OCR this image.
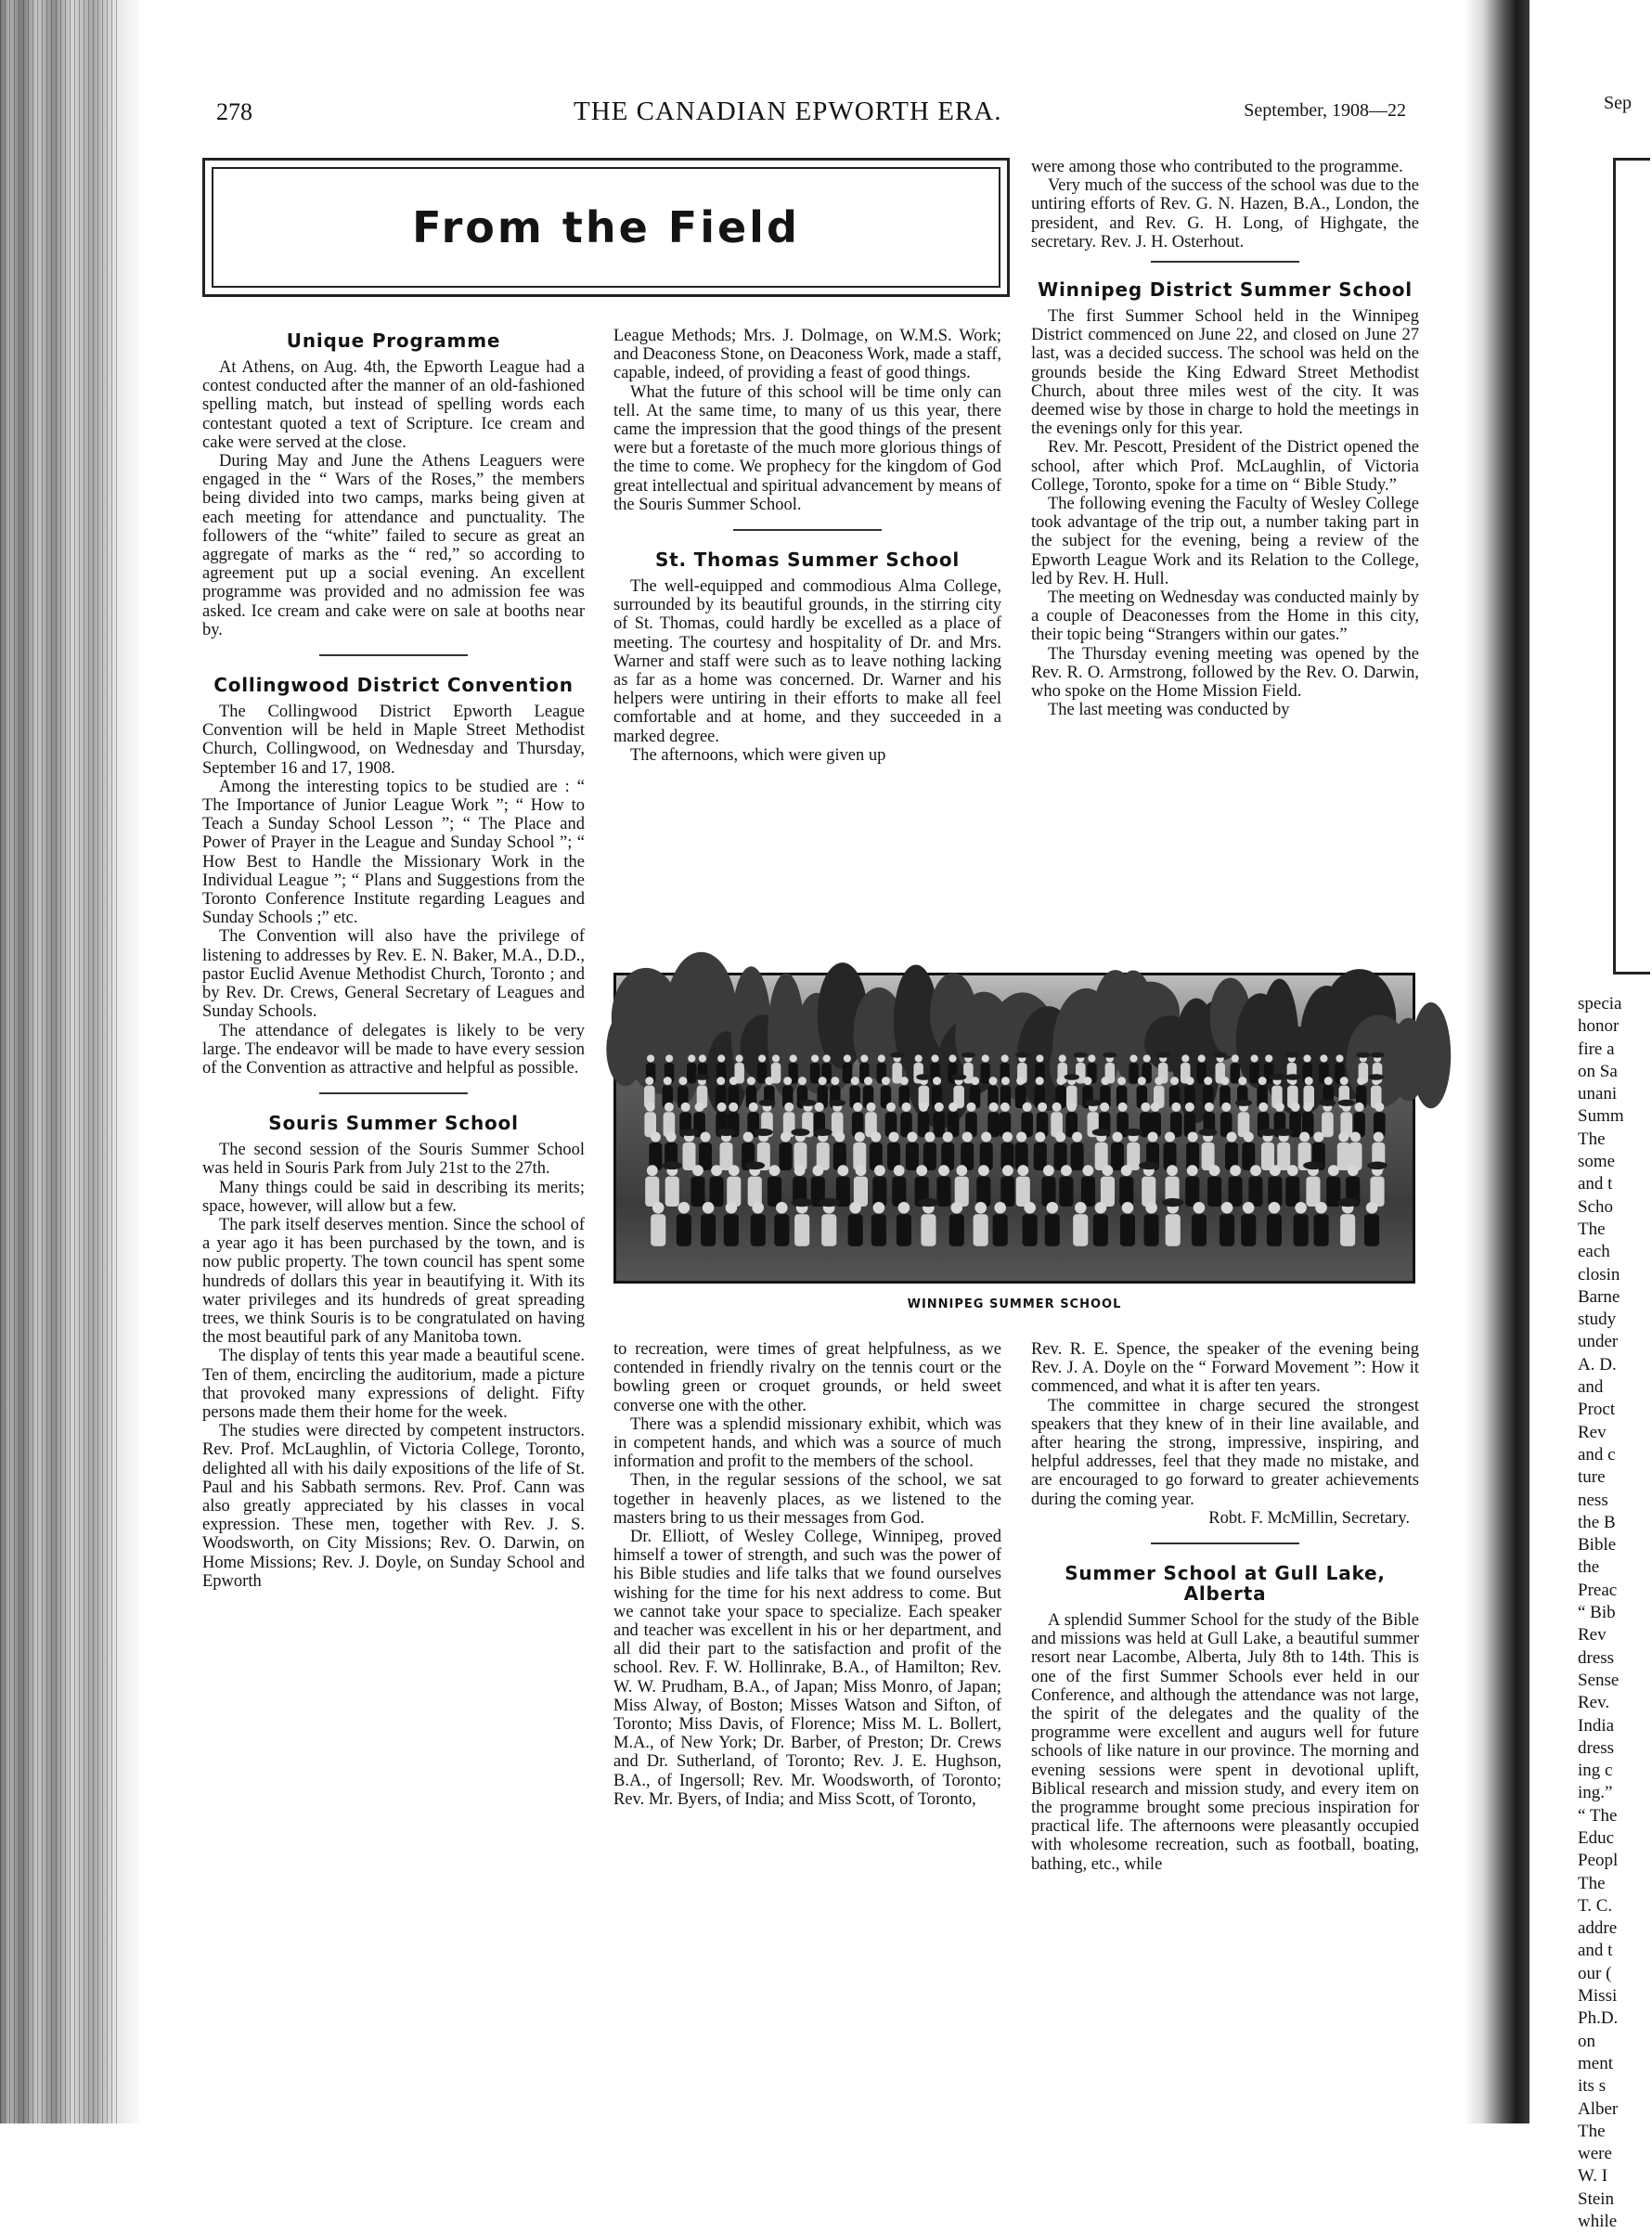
278	THE CANADIAN EPWORTH ERA.	September, 1908—22
From the Field
Unique Programme

At Athens, on Aug. 4th, the Epworth League had a contest conducted after the manner of an old-fashioned spelling match, but instead of spelling words each contestant quoted a text of Scripture. Ice cream and cake were served at the close.

During May and June the Athens Leaguers were engaged in the “ Wars of the Roses,” the members being divided into two camps, marks being given at each meeting for attendance and punctuality. The followers of the “white” failed to secure as great an aggregate of marks as the “ red,” so according to agreement put up a social evening. An excellent programme was provided and no admission fee was asked. Ice cream and cake were on sale at booths near by.

Collingwood District Convention

The Collingwood District Epworth League Convention will be held in Maple Street Methodist Church, Collingwood, on Wednesday and Thursday, September 16 and 17, 1908.

Among the interesting topics to be studied are : “ The Importance of Junior League Work ”; “ How to Teach a Sunday School Lesson ”; “ The Place and Power of Prayer in the League and Sunday School ”; “ How Best to Handle the Missionary Work in the Individual League ”; “ Plans and Suggestions from the Toronto Conference Institute regarding Leagues and Sunday Schools ;” etc.

The Convention will also have the privilege of listening to addresses by Rev. E. N. Baker, M.A., D.D., pastor Euclid Avenue Methodist Church, Toronto ; and by Rev. Dr. Crews, General Secretary of Leagues and Sunday Schools.

The attendance of delegates is likely to be very large. The endeavor will be made to have every session of the Convention as attractive and helpful as possible.

Souris Summer School

The second session of the Souris Summer School was held in Souris Park from July 21st to the 27th.

Many things could be said in describing its merits; space, however, will allow but a few.

The park itself deserves mention. Since the school of a year ago it has been purchased by the town, and is now public property. The town council has spent some hundreds of dollars this year in beautifying it. With its water privileges and its hundreds of great spreading trees, we think Souris is to be congratulated on having the most beautiful park of any Manitoba town.

The display of tents this year made a beautiful scene. Ten of them, encircling the auditorium, made a picture that provoked many expressions of delight. Fifty persons made them their home for the week.

The studies were directed by competent instructors. Rev. Prof. McLaughlin, of Victoria College, Toronto, delighted all with his daily expositions of the life of St. Paul and his Sabbath sermons. Rev. Prof. Cann was also greatly appreciated by his classes in vocal expression. These men, together with Rev. J. S. Woodsworth, on City Missions; Rev. O. Darwin, on Home Missions; Rev. J. Doyle, on Sunday School and Epworth

League Methods; Mrs. J. Dolmage, on W.M.S. Work; and Deaconess Stone, on Deaconess Work, made a staff, capable, indeed, of providing a feast of good things.

What the future of this school will be time only can tell. At the same time, to many of us this year, there came the impression that the good things of the present were but a foretaste of the much more glorious things of the time to come. We prophecy for the kingdom of God great intellectual and spiritual advancement by means of the Souris Summer School.

St. Thomas Summer School

The well-equipped and commodious Alma College, surrounded by its beautiful grounds, in the stirring city of St. Thomas, could hardly be excelled as a place of meeting. The courtesy and hospitality of Dr. and Mrs. Warner and staff were such as to leave nothing lacking as far as a home was concerned. Dr. Warner and his helpers were untiring in their efforts to make all feel comfortable and at home, and they succeeded in a marked degree.

The afternoons, which were given up

were among those who contributed to the programme.

Very much of the success of the school was due to the untiring efforts of Rev. G. N. Hazen, B.A., London, the president, and Rev. G. H. Long, of Highgate, the secretary. Rev. J. H. Osterhout.

Winnipeg District Summer School

The first Summer School held in the Winnipeg District commenced on June 22, and closed on June 27 last, was a decided success. The school was held on the grounds beside the King Edward Street Methodist Church, about three miles west of the city. It was deemed wise by those in charge to hold the meetings in the evenings only for this year.

Rev. Mr. Pescott, President of the District opened the school, after which Prof. McLaughlin, of Victoria College, Toronto, spoke for a time on “ Bible Study.”

The following evening the Faculty of Wesley College took advantage of the trip out, a number taking part in the subject for the evening, being a review of the Epworth League Work and its Relation to the College, led by Rev. H. Hull.

The meeting on Wednesday was conducted mainly by a couple of Deaconesses from the Home in this city, their topic being “Strangers within our gates.”

The Thursday evening meeting was opened by the Rev. R. O. Armstrong, followed by the Rev. O. Darwin, who spoke on the Home Mission Field.

The last meeting was conducted by

WINNIPEG SUMMER SCHOOL

to recreation, were times of great helpfulness, as we contended in friendly rivalry on the tennis court or the bowling green or croquet grounds, or held sweet converse one with the other.

There was a splendid missionary exhibit, which was in competent hands, and which was a source of much information and profit to the members of the school.

Then, in the regular sessions of the school, we sat together in heavenly places, as we listened to the masters bring to us their messages from God.

Dr. Elliott, of Wesley College, Winnipeg, proved himself a tower of strength, and such was the power of his Bible studies and life talks that we found ourselves wishing for the time for his next address to come. But we cannot take your space to specialize. Each speaker and teacher was excellent in his or her department, and all did their part to the satisfaction and profit of the school. Rev. F. W. Hollinrake, B.A., of Hamilton; Rev. W. W. Prudham, B.A., of Japan; Miss Monro, of Japan; Miss Alway, of Boston; Misses Watson and Sifton, of Toronto; Miss Davis, of Florence; Miss M. L. Bollert, M.A., of New York; Dr. Barber, of Preston; Dr. Crews and Dr. Sutherland, of Toronto; Rev. J. E. Hughson, B.A., of Ingersoll; Rev. Mr. Woodsworth, of Toronto; Rev. Mr. Byers, of India; and Miss Scott, of Toronto,

Rev. R. E. Spence, the speaker of the evening being Rev. J. A. Doyle on the “ Forward Movement ”: How it commenced, and what it is after ten years.

The committee in charge secured the strongest speakers that they knew of in their line available, and after hearing the strong, impressive, inspiring, and helpful addresses, feel that they made no mistake, and are encouraged to go forward to greater achievements during the coming year.

Robt. F. McMillin, Secretary.

Summer School at Gull Lake, Alberta

A splendid Summer School for the study of the Bible and missions was held at Gull Lake, a beautiful summer resort near Lacombe, Alberta, July 8th to 14th. This is one of the first Summer Schools ever held in our Conference, and although the attendance was not large, the spirit of the delegates and the quality of the programme were excellent and augurs well for future schools of like nature in our province. The morning and evening sessions were spent in devotional uplift, Biblical research and mission study, and every item on the programme brought some precious inspiration for practical life. The afternoons were pleasantly occupied with wholesome recreation, such as football, boating, bathing, etc., while

Sep
specia
honor
fire a
on Sa
unani
Summ
The
some
and t
Scho
The
each
closin
Barne
study
under
A. D.
and
Proct
Rev
and c
ture
ness
the B
Bible
the
Preac
“ Bib
Rev
dress
Sense
Rev.
India
dress
ing c
ing.”
“ The
Educ
Peopl
The
T. C.
addre
and t
our (
Missi
Ph.D.
on
ment
its s
Alber
The
were
W. I
Stein
while
